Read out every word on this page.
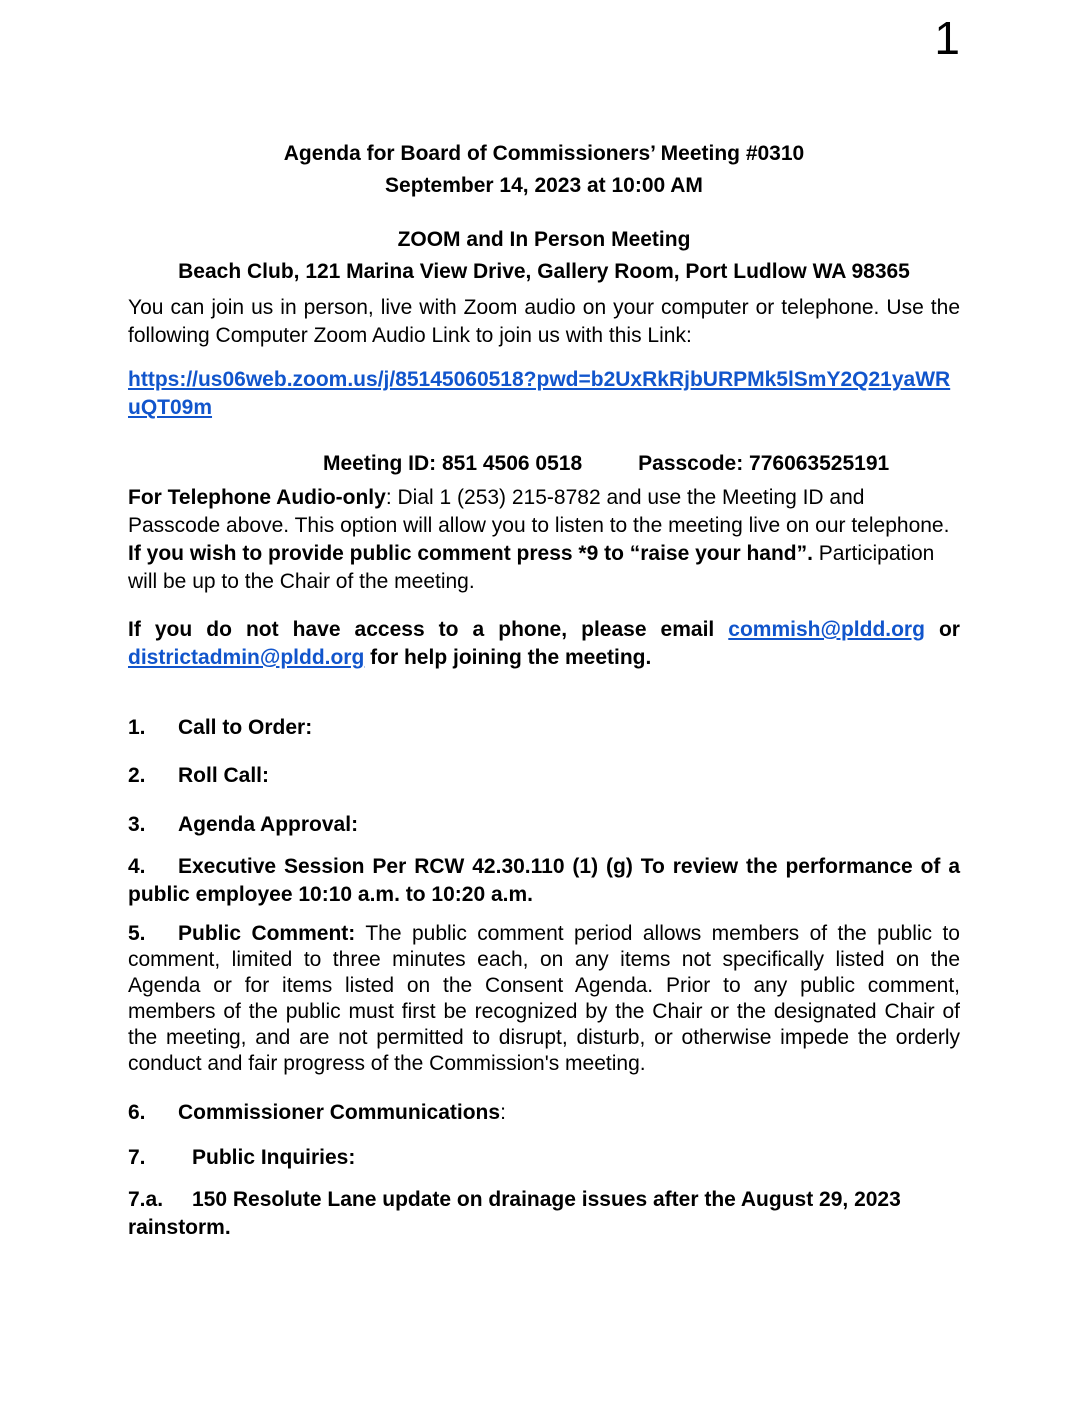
1
Agenda for Board of Commissioners’ Meeting #0310
September 14, 2023 at 10:00 AM
ZOOM and In Person Meeting
Beach Club, 121 Marina View Drive, Gallery Room, Port Ludlow WA 98365

You can join us in person, live with Zoom audio on your computer or telephone. Use the following Computer Zoom Audio Link to join us with this Link:

https://us06web.zoom.us/j/85145060518?pwd=b2UxRkRjbURPMk5lSmY2Q21yaWRuQT09m

Meeting ID: 851 4506 0518	Passcode: 776063525191

For Telephone Audio-only: Dial 1 (253) 215-8782 and use the Meeting ID and Passcode above. This option will allow you to listen to the meeting live on our telephone. If you wish to provide public comment press *9 to “raise your hand”. Participation will be up to the Chair of the meeting.

If you do not have access to a phone, please email commish@pldd.org or districtadmin@pldd.org for help joining the meeting.

1. Call to Order:

2. Roll Call:

3. Agenda Approval:

4. Executive Session Per RCW 42.30.110 (1) (g) To review the performance of a public employee 10:10 a.m. to 10:20 a.m.

5. Public Comment: The public comment period allows members of the public to comment, limited to three minutes each, on any items not specifically listed on the Agenda or for items listed on the Consent Agenda. Prior to any public comment, members of the public must first be recognized by the Chair or the designated Chair of the meeting, and are not permitted to disrupt, disturb, or otherwise impede the orderly conduct and fair progress of the Commission's meeting.

6. Commissioner Communications:

7. Public Inquiries:

7.a. 150 Resolute Lane update on drainage issues after the August 29, 2023 rainstorm.
